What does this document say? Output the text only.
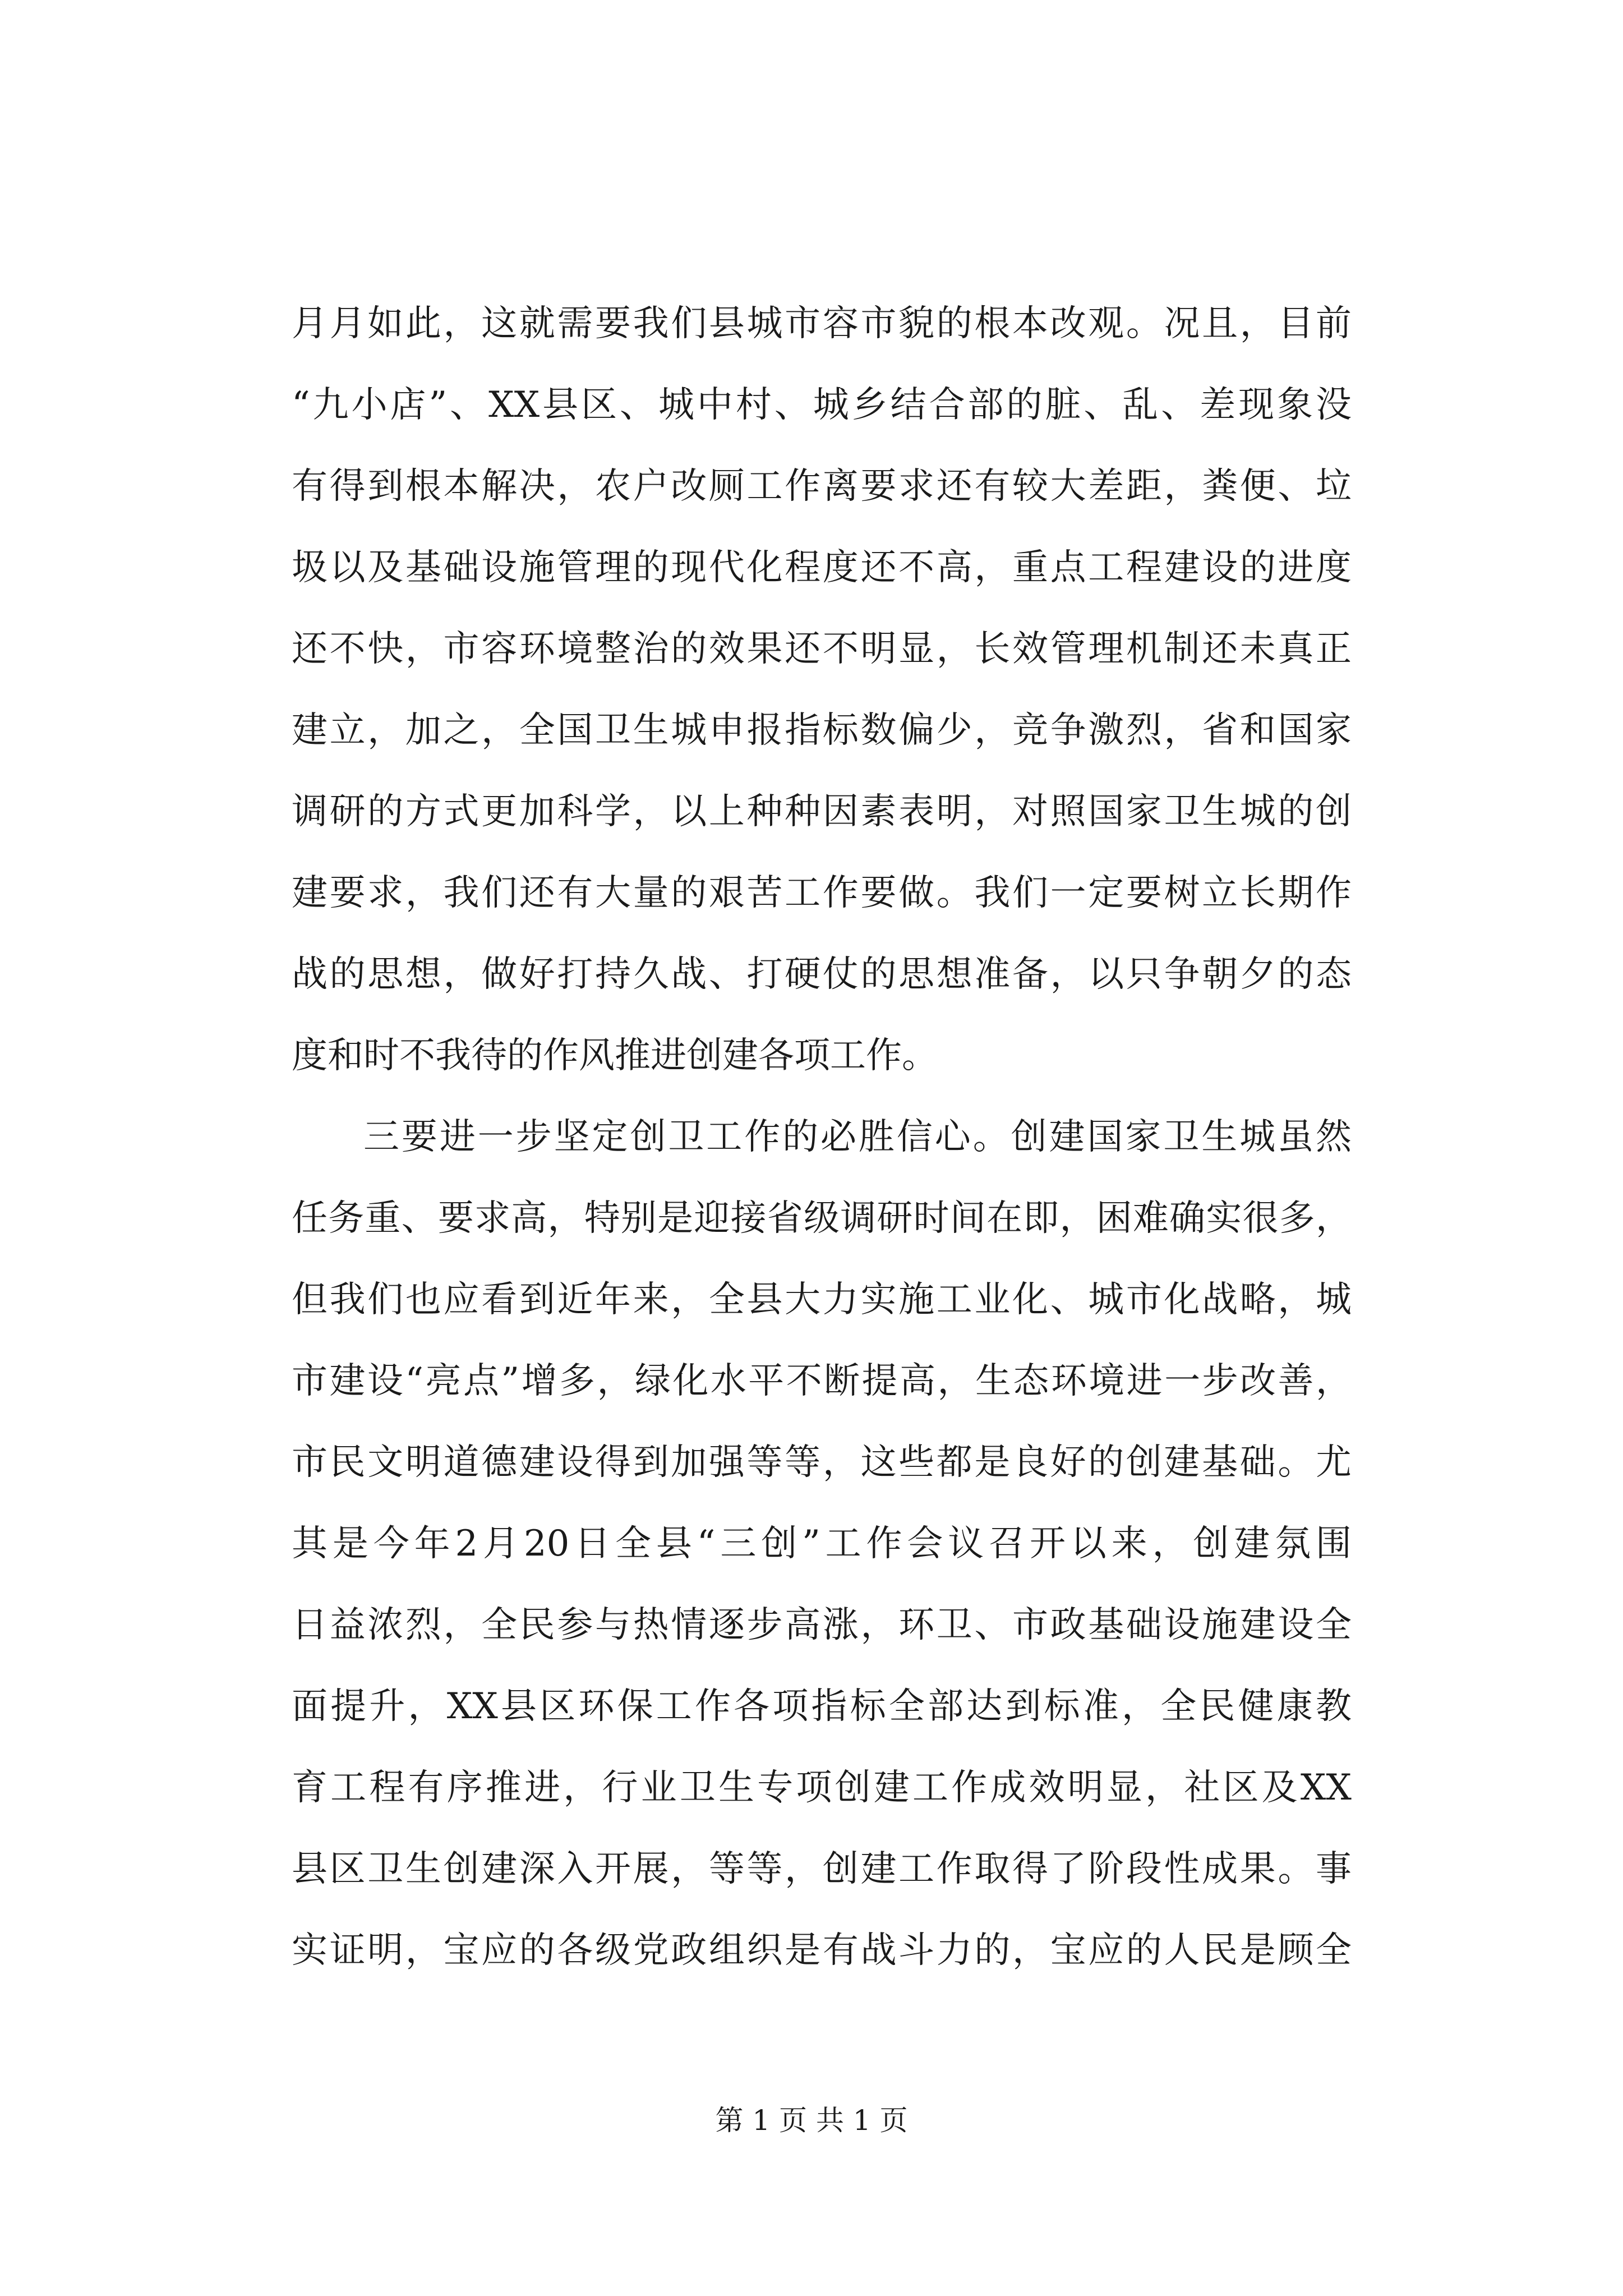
月月如此，这就需要我们县城市容市貌的根本改观。况且，目前
“九小店”、XX县区、城中村、城乡结合部的脏、乱、差现象没
有得到根本解决，农户改厕工作离要求还有较大差距，粪便、垃
圾以及基础设施管理的现代化程度还不高，重点工程建设的进度
还不快，市容环境整治的效果还不明显，长效管理机制还未真正
建立，加之，全国卫生城申报指标数偏少，竞争激烈，省和国家
调研的方式更加科学，以上种种因素表明，对照国家卫生城的创
建要求，我们还有大量的艰苦工作要做。我们一定要树立长期作
战的思想，做好打持久战、打硬仗的思想准备，以只争朝夕的态
度和时不我待的作风推进创建各项工作。
三要进一步坚定创卫工作的必胜信心。创建国家卫生城虽然
任务重、要求高，特别是迎接省级调研时间在即，困难确实很多，
但我们也应看到近年来，全县大力实施工业化、城市化战略，城
市建设“亮点”增多，绿化水平不断提高，生态环境进一步改善，
市民文明道德建设得到加强等等，这些都是良好的创建基础。尤
其是今年2月20日全县“三创”工作会议召开以来，创建氛围
日益浓烈，全民参与热情逐步高涨，环卫、市政基础设施建设全
面提升，XX县区环保工作各项指标全部达到标准，全民健康教
育工程有序推进，行业卫生专项创建工作成效明显，社区及XX
县区卫生创建深入开展，等等，创建工作取得了阶段性成果。事
实证明，宝应的各级党政组织是有战斗力的，宝应的人民是顾全
第 1 页 共 1 页
